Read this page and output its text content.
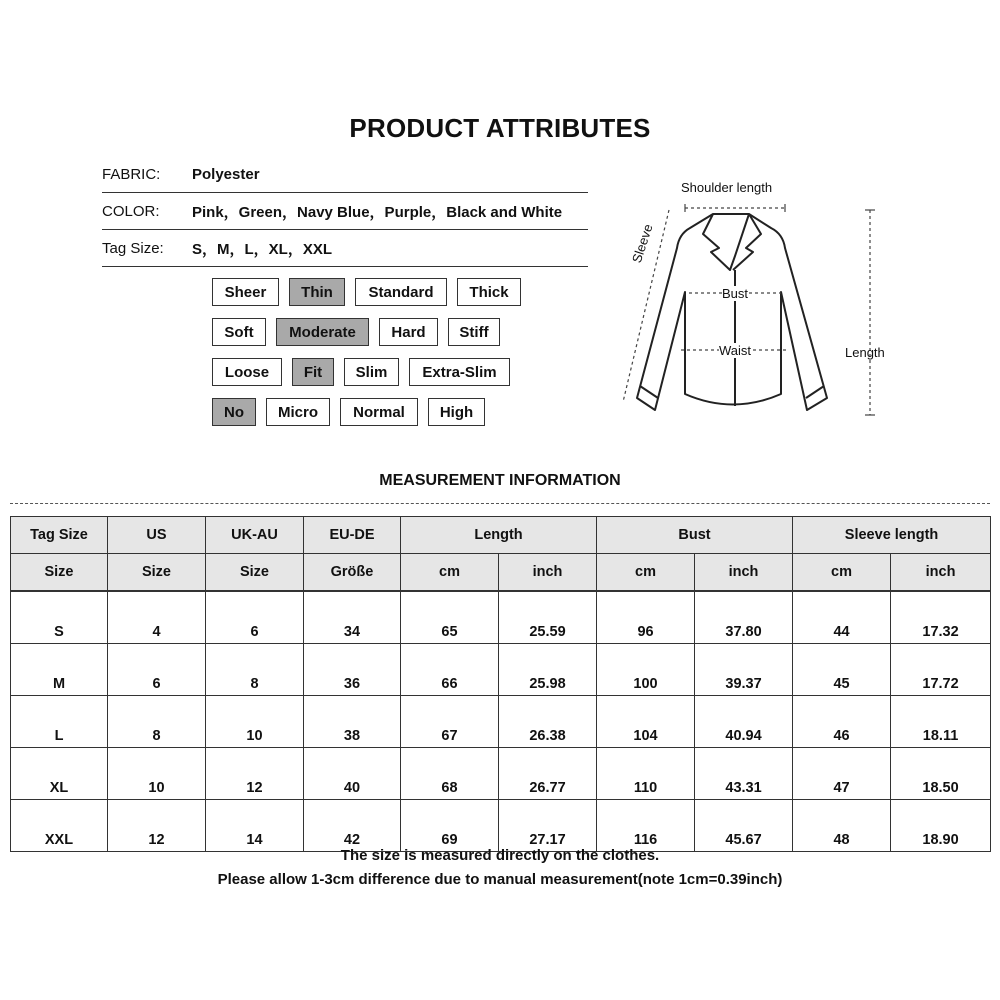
PRODUCT ATTRIBUTES
FABRIC:	Polyester
COLOR:	Pink，Green，Navy Blue，Purple，Black and White
Tag Size:	S，M，L，XL，XXL
Sheer	Thin	Standard	Thick
Soft	Moderate	Hard	Stiff
Loose	Fit	Slim	Extra-Slim
No	Micro	Normal	High
Shoulder length
Sleeve
Bust
Waist	Length
MEASUREMENT INFORMATION
Tag Size	US	UK-AU	EU-DE	Length		Bust		Sleeve length	
Size	Size	Size	Größe	cm	inch	cm	inch	cm	inch
S	4	6	34	65	25.59	96	37.80	44	17.32
M	6	8	36	66	25.98	100	39.37	45	17.72
L	8	10	38	67	26.38	104	40.94	46	18.11
XL	10	12	40	68	26.77	110	43.31	47	18.50
XXL	12	14	42	69	27.17	116	45.67	48	18.90
The size is measured directly on the clothes.
Please allow 1-3cm difference due to manual measurement(note 1cm=0.39inch)
